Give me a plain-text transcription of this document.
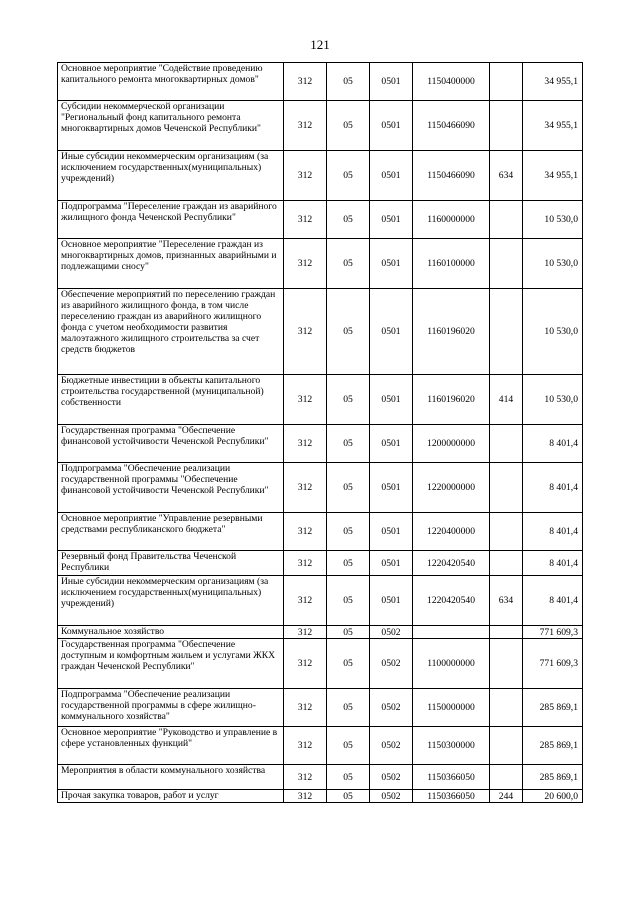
121
Основное мероприятие "Содействие проведению капитального ремонта многоквартирных домов"	312	05	0501	1150400000		34 955,1
Субсидии некоммерческой организации "Региональный фонд капитального ремонта многоквартирных домов Чеченской Республики"	312	05	0501	1150466090		34 955,1
Иные субсидии некоммерческим организациям (за исключением государственных(муниципальных) учреждений)	312	05	0501	1150466090	634	34 955,1
Подпрограмма "Переселение граждан из аварийного жилищного фонда Чеченской Республики"	312	05	0501	1160000000		10 530,0
Основное мероприятие "Переселение граждан из многоквартирных домов, признанных аварийными и подлежащими сносу"	312	05	0501	1160100000		10 530,0
Обеспечение мероприятий по переселению граждан из аварийного жилищного фонда, в том числе переселению граждан из аварийного жилищного фонда с учетом необходимости развития малоэтажного жилищного строительства за счет средств бюджетов	312	05	0501	1160196020		10 530,0
Бюджетные инвестиции в объекты капитального строительства государственной (муниципальной) собственности	312	05	0501	1160196020	414	10 530,0
Государственная программа "Обеспечение финансовой устойчивости Чеченской Республики"	312	05	0501	1200000000		8 401,4
Подпрограмма "Обеспечение реализации государственной программы "Обеспечение финансовой устойчивости Чеченской Республики"	312	05	0501	1220000000		8 401,4
Основное мероприятие "Управление резервными средствами республиканского бюджета"	312	05	0501	1220400000		8 401,4
Резервный фонд Правительства Чеченской Республики	312	05	0501	1220420540		8 401,4
Иные субсидии некоммерческим организациям (за исключением государственных(муниципальных) учреждений)	312	05	0501	1220420540	634	8 401,4
Коммунальное хозяйство	312	05	0502			771 609,3
Государственная программа "Обеспечение доступным и комфортным жильем и услугами ЖКХ граждан Чеченской Республики"	312	05	0502	1100000000		771 609,3
Подпрограмма "Обеспечение реализации государственной программы в сфере жилищно-коммунального хозяйства"	312	05	0502	1150000000		285 869,1
Основное мероприятие "Руководство и управление в сфере установленных функций"	312	05	0502	1150300000		285 869,1
Мероприятия в области коммунального хозяйства	312	05	0502	1150366050		285 869,1
Прочая закупка товаров, работ и услуг	312	05	0502	1150366050	244	20 600,0
